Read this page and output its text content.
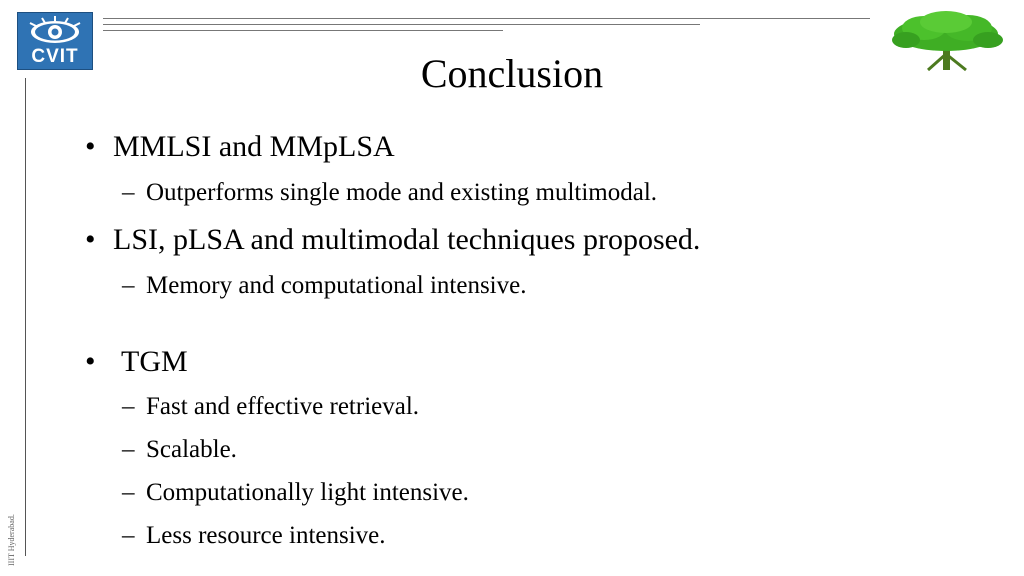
CVIT
IIIT Hyderabad.
Conclusion
• MMLSI and MMpLSA
– Outperforms single mode and existing multimodal.
• LSI, pLSA and multimodal techniques proposed.
– Memory and computational intensive.
• TGM
– Fast and effective retrieval.
– Scalable.
– Computationally light intensive.
– Less resource intensive.
